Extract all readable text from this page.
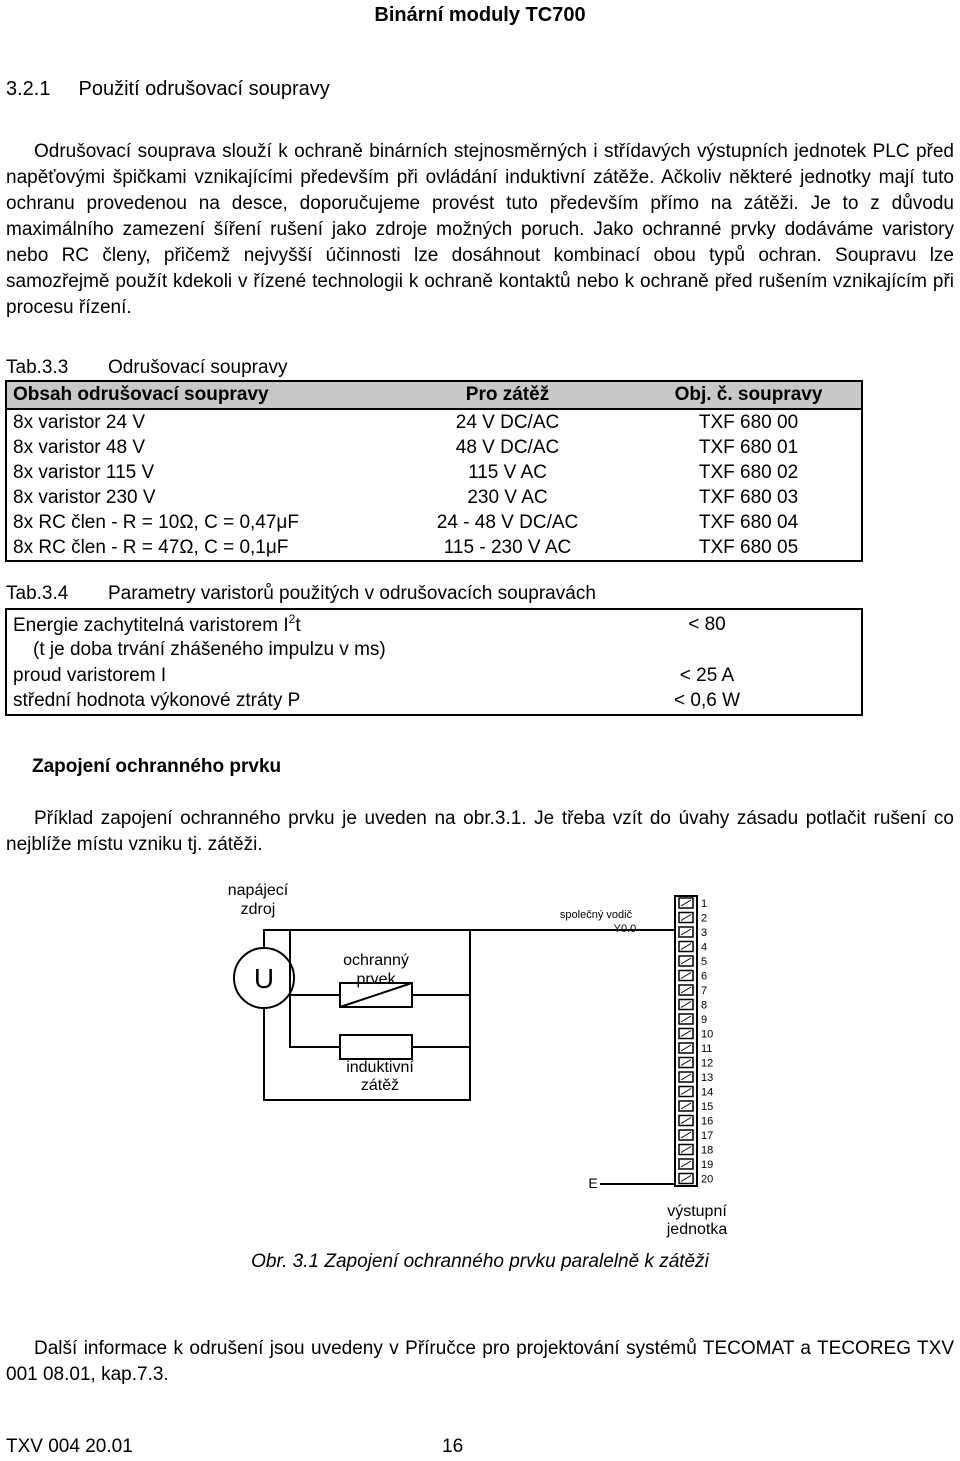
Binární moduly TC700
3.2.1 Použití odrušovací soupravy
Odrušovací souprava slouží k ochraně binárních stejnosměrných i střídavých výstupních jednotek PLC před napěťovými špičkami vznikajícími především při ovládání induktivní zátěže. Ačkoliv některé jednotky mají tuto ochranu provedenou na desce, doporučujeme provést tuto především přímo na zátěži. Je to z důvodu maximálního zamezení šíření rušení jako zdroje možných poruch. Jako ochranné prvky dodáváme varistory nebo RC členy, přičemž nejvyšší účinnosti lze dosáhnout kombinací obou typů ochran. Soupravu lze samozřejmě použít kdekoli v řízené technologii k ochraně kontaktů nebo k ochraně před rušením vznikajícím při procesu řízení.
Tab.3.3 Odrušovací soupravy
Obsah odrušovací soupravy	Pro zátěž	Obj. č. soupravy
8x varistor 24 V	24 V DC/AC	TXF 680 00
8x varistor 48 V	48 V DC/AC	TXF 680 01
8x varistor 115 V	115 V AC	TXF 680 02
8x varistor 230 V	230 V AC	TXF 680 03
8x RC člen - R = 10Ω, C = 0,47μF	24 - 48 V DC/AC	TXF 680 04
8x RC člen - R = 47Ω, C = 0,1μF	115 - 230 V AC	TXF 680 05
Tab.3.4 Parametry varistorů použitých v odrušovacích soupravách
Energie zachytitelná varistorem $I^2t$	< 80
(t je doba trvání zhášeného impulzu v ms)
proud varistorem I	< 25 A
střední hodnota výkonové ztráty P	< 0,6 W
Zapojení ochranného prvku
Příklad zapojení ochranného prvku je uveden na obr.3.1. Je třeba vzít do úvahy zásadu potlačit rušení co nejblíže místu vzniku tj. zátěži.
1
2
3
4
5
6
7
8
9
10
11
12
13
14
15
16
17
18
19
20
napájecí
zdroj
U
ochranný
prvek
induktivní
zátěž
společný vodič
Y0.0
E
výstupní
jednotka
Obr. 3.1 Zapojení ochranného prvku paralelně k zátěži
Další informace k odrušení jsou uvedeny v Příručce pro projektování systémů TECOMAT a TECOREG TXV 001 08.01, kap.7.3.
TXV 004 20.01	16
